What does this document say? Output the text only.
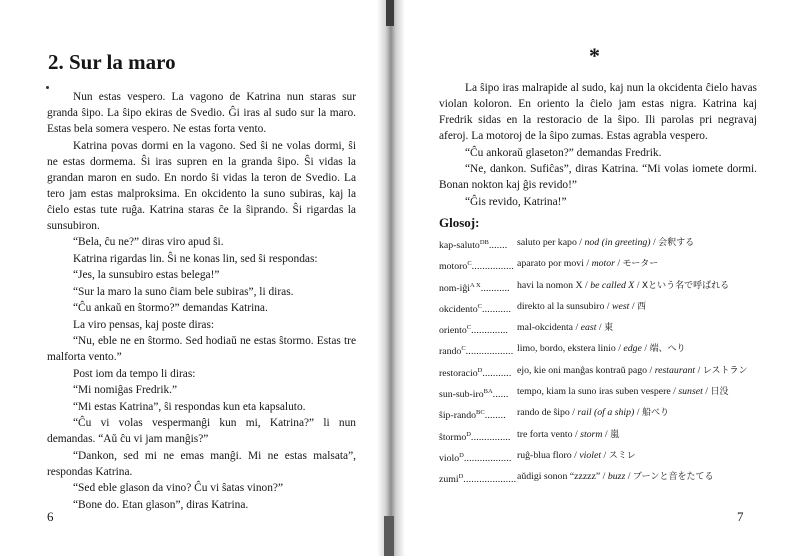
2. Sur la maro

Nun estas vespero. La vagono de Katrina nun staras sur granda ŝipo. La ŝipo ekiras de Svedio. Ĝi iras al sudo sur la maro. Estas bela somera vespero. Ne estas forta vento.

Katrina povas dormi en la vagono. Sed ŝi ne volas dormi, ŝi ne estas dormema. Ŝi iras supren en la granda ŝipo. Ŝi vidas la grandan maron en sudo. En nordo ŝi vidas la teron de Svedio. La tero jam estas malproksima. En okcidento la suno subiras, kaj la ĉielo estas tute ruĝa. Katrina staras ĉe la ŝiprando. Ŝi rigardas la sunsubiron.

“Bela, ĉu ne?” diras viro apud ŝi.

Katrina rigardas lin. Ŝi ne konas lin, sed ŝi respondas:

“Jes, la sunsubiro estas belega!”

“Sur la maro la suno ĉiam bele subiras”, li diras.

“Ĉu ankaŭ en ŝtormo?” demandas Katrina.

La viro pensas, kaj poste diras:

“Nu, eble ne en ŝtormo. Sed hodiaŭ ne estas ŝtormo. Estas tre malforta vento.”

Post iom da tempo li diras:

“Mi nomiĝas Fredrik.”

“Mi estas Katrina”, ŝi respondas kun eta kapsaluto.

“Ĉu vi volas vespermanĝi kun mi, Katrina?” li nun demandas. “Aŭ ĉu vi jam manĝis?”

“Dankon, sed mi ne emas manĝi. Mi ne estas malsata”, respondas Katrina.

“Sed eble glason da vino? Ĉu vi ŝatas vinon?”

“Bone do. Etan glason”, diras Katrina.

6
*

La ŝipo iras malrapide al sudo, kaj nun la okcidenta ĉielo havas violan koloron. En oriento la ĉielo jam estas nigra. Katrina kaj Fredrik sidas en la restoracio de la ŝipo. Ili parolas pri negravaj aferoj. La motoroj de la ŝipo zumas. Estas agrabla vespero.

“Ĉu ankoraŭ glaseton?” demandas Fredrik.

“Ne, dankon. Sufiĉas”, diras Katrina. “Mi volas iomete dormi. Bonan nokton kaj ĝis revido!”

“Ĝis revido, Katrina!”

Glosoj:
kap-saluto$^{DB}$....... saluto per kapo / nod (in greeting) / 会釈する
motoro$^C$................ aparato por movi / motor / モーター
nom-iĝi$^{A X}$........... havi la nomon X / be called X / Xという名で呼ばれる
okcidento$^C$........... direkto al la sunsubiro / west / 西
oriento$^C$.............. mal-okcidenta / east / 東
rando$^C$.................. limo, bordo, ekstera linio / edge / 端、へり
restoracio$^D$........... ejo, kie oni manĝas kontraŭ pago / restaurant / レストラン
sun-sub-iro$^{BA}$...... tempo, kiam la suno iras suben vespere / sunset / 日没
ŝip-rando$^{BC}$........	rando de ŝipo / rail (of a ship) / 船べり
ŝtormo$^D$............... tre forta vento / storm / 嵐
violo$^D$.................. ruĝ-blua floro / violet / スミレ
zumi$^D$.................... aŭdigi sonon “zzzzz” / buzz / ブーンと音をたてる
7
